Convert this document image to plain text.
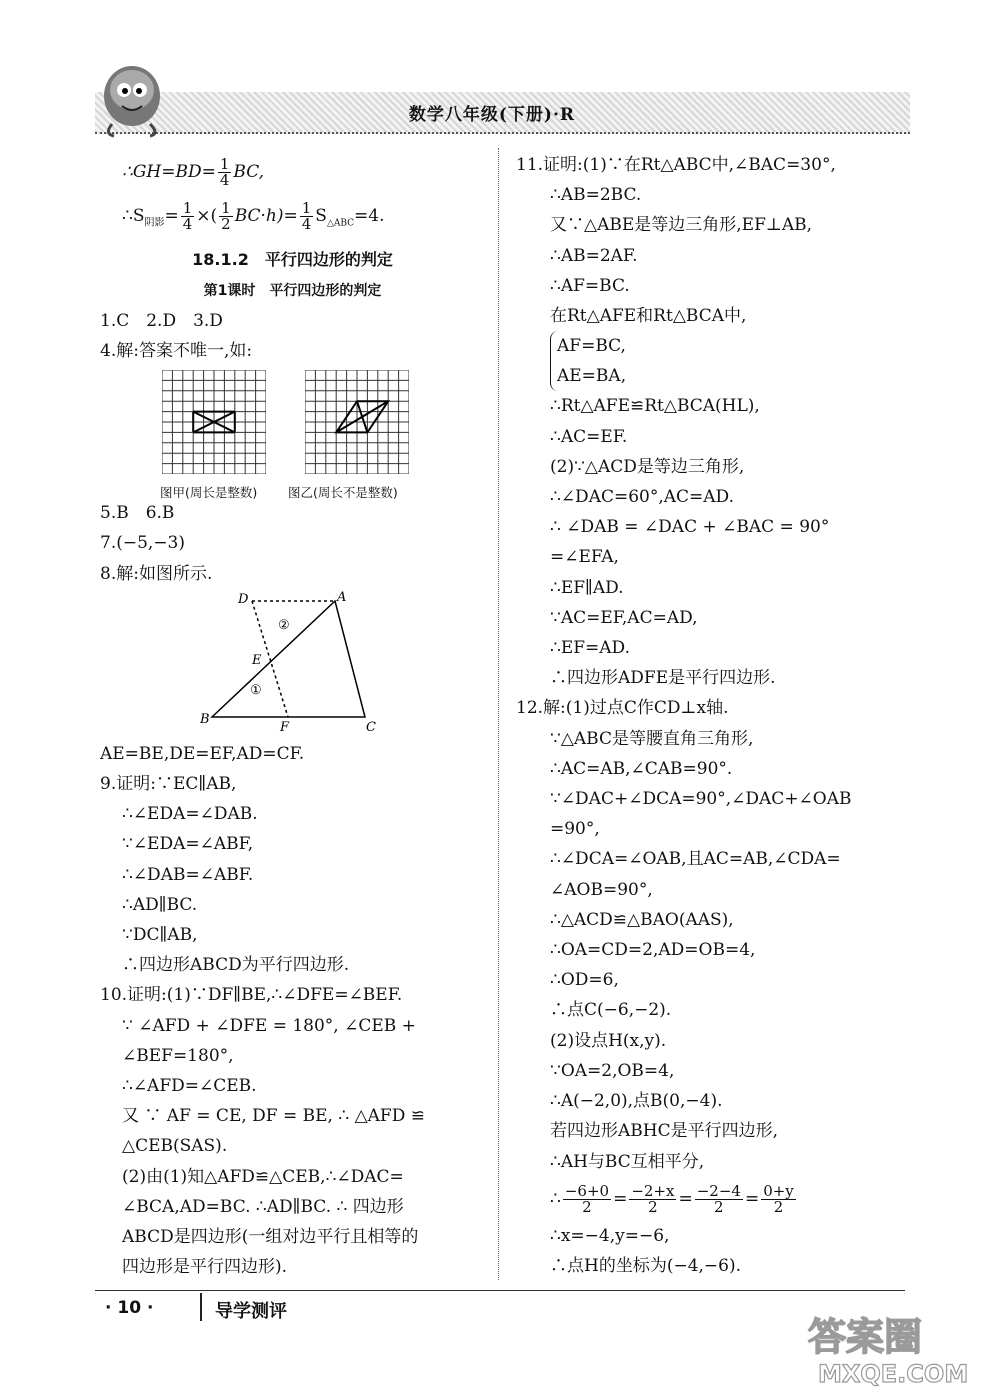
数学八年级(下册)·R
∴GH=BD= $\frac{1}{4}$ BC,
$\therefore S_{阴影}= \frac{1}{4}$ ×( $\frac{1}{2} BC\cdot h)= \frac{1}{4} S_{\triangle ABC}=4$.
18.1.2　平行四边形的判定
第1课时　平行四边形的判定
1.C　2.D　3.D
4.解:答案不唯一,如:
图甲(周长是整数) 图乙(周长不是整数)
5.B　6.B
7.(−5,−3)
8.解:如图所示.
A
B
C
D
E
F
②
①
AE=BE,DE=EF,AD=CF.
9.证明:∵EC∥AB,
∴∠EDA=∠DAB.
∵∠EDA=∠ABF,
∴∠DAB=∠ABF.
∴AD∥BC.
∵DC∥AB,
∴四边形ABCD为平行四边形.
10.证明:(1)∵DF∥BE,∴∠DFE=∠BEF.
∵ ∠AFD + ∠DFE = 180°, ∠CEB +
∠BEF=180°,
∴∠AFD=∠CEB.
又 ∵ AF = CE, DF = BE, ∴ △AFD ≌
△CEB(SAS).
(2)由(1)知△AFD≌△CEB,∴∠DAC=
∠BCA,AD=BC. ∴AD∥BC. ∴ 四边形
ABCD是四边形(一组对边平行且相等的
四边形是平行四边形).
11.证明:(1)∵在Rt△ABC中,∠BAC=30°,
∴AB=2BC.
又∵△ABE是等边三角形,EF⊥AB,
∴AB=2AF.
∴AF=BC.
在Rt△AFE和Rt△BCA中,
AF=BC,
AE=BA,
∴Rt△AFE≌Rt△BCA(HL),
∴AC=EF.
(2)∵△ACD是等边三角形,
∴∠DAC=60°,AC=AD.
∴ ∠DAB = ∠DAC + ∠BAC = 90°
=∠EFA,
∴EF∥AD.
∵AC=EF,AC=AD,
∴EF=AD.
∴四边形ADFE是平行四边形.
12.解:(1)过点C作CD⊥x轴.
∵△ABC是等腰直角三角形,
∴AC=AB,∠CAB=90°.
∵∠DAC+∠DCA=90°,∠DAC+∠OAB
=90°,
∴∠DCA=∠OAB,且AC=AB,∠CDA=
∠AOB=90°,
∴△ACD≌△BAO(AAS),
∴OA=CD=2,AD=OB=4,
∴OD=6,
∴点C(−6,−2).
(2)设点H(x,y).
∵OA=2,OB=4,
∴A(−2,0),点B(0,−4).
若四边形ABHC是平行四边形,
∴AH与BC互相平分,
∴ $\frac{-6+0}{2} = \frac{-2+x}{2} = \frac{-2-4}{2} = \frac{0+y}{2}$
∴x=−4,y=−6,
∴点H的坐标为(−4,−6).
· 10 ·	导学测评
答案圈
MXQE.COM
